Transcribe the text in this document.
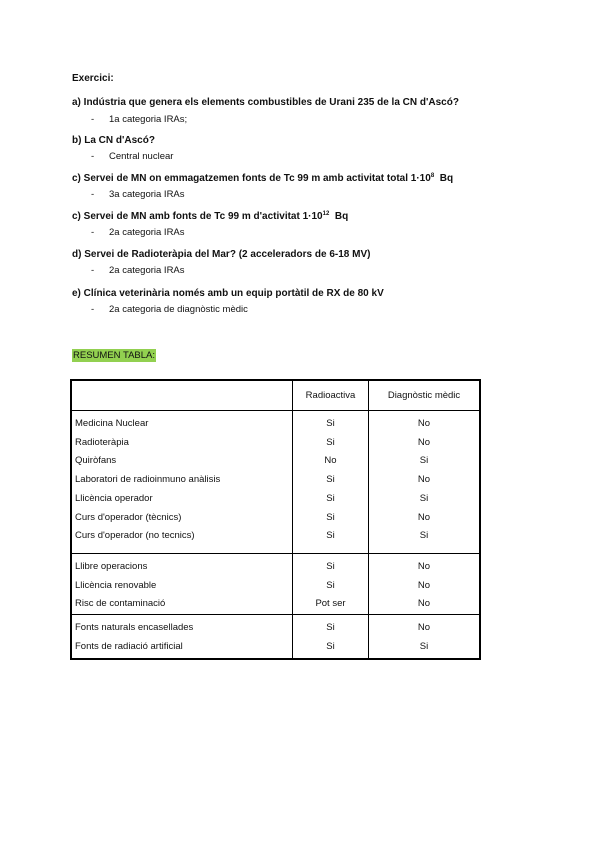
Exercici:
a) Indústria que genera els elements combustibles de Urani 235 de la CN d'Ascó?
- 1a categoria IRAs;
b) La CN d'Ascó?
- Central nuclear
c) Servei de MN on emmagatzemen fonts de Tc 99 m amb activitat total $1\cdot 10^8$ Bq
- 3a categoria IRAs
c) Servei de MN amb fonts de Tc 99 m d'activitat $1\cdot 10^{12}$ Bq
- 2a categoria IRAs
d) Servei de Radioteràpia del Mar? (2 acceleradors de 6-18 MV)
- 2a categoria IRAs
e) Clínica veterinària només amb un equip portàtil de RX de 80 kV
- 2a categoria de diagnòstic mèdic
RESUMEN TABLA:
	Radioactiva	Diagnòstic mèdic
Medicina Nuclear	Si	No
Radioteràpia	Si	No
Quiròfans	No	Si
Laboratori de radioinmuno anàlisis	Si	No
Llicència operador	Si	Si
Curs d'operador (tècnics)	Si	No
Curs d'operador (no tecnics)	Si	Si

Llibre operacions	Si	No
Llicència renovable	Si	No
Risc de contaminació	Pot ser	No
Fonts naturals encasellades	Si	No
Fonts de radiació artificial	Si	Si
